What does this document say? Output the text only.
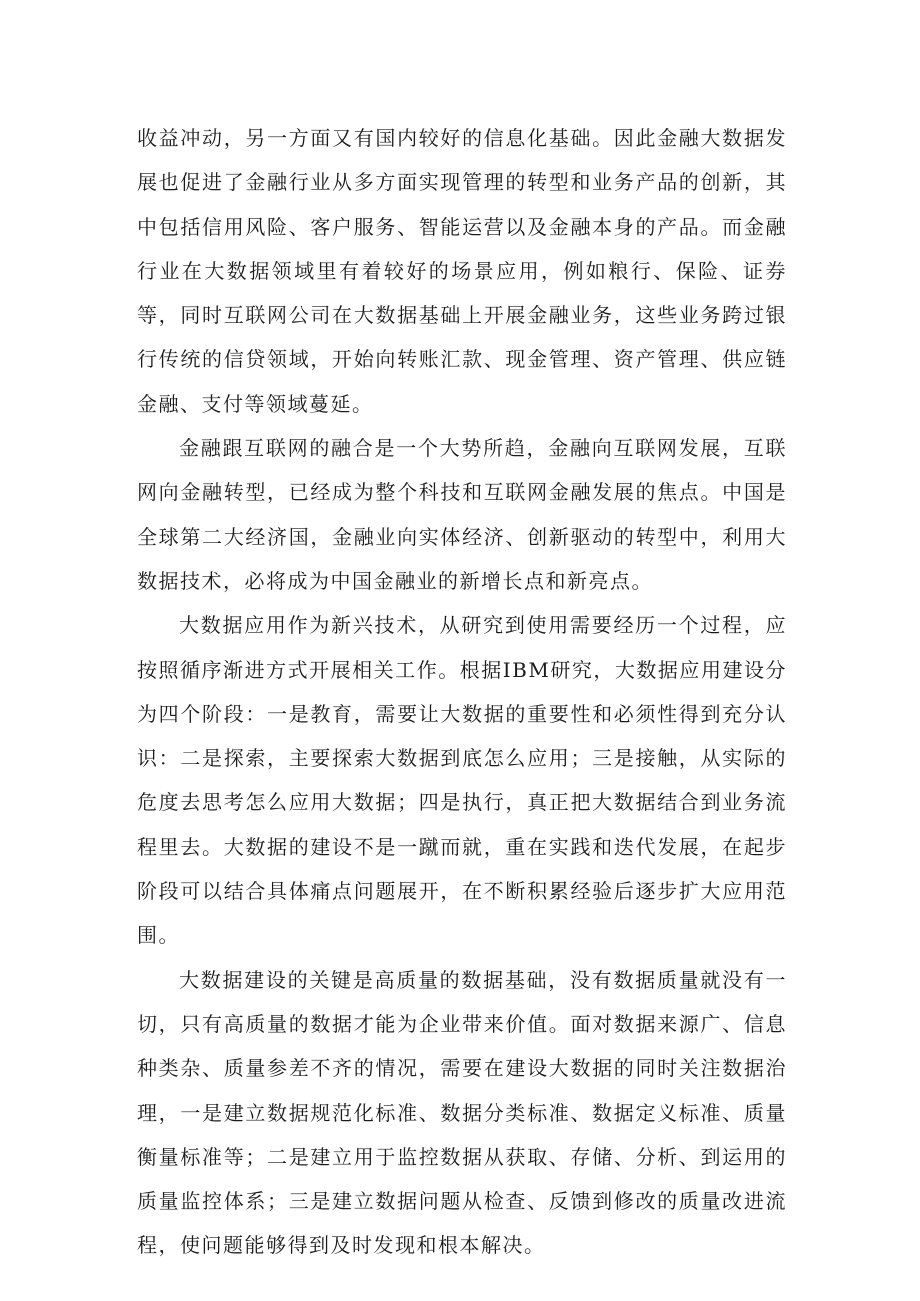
收益冲动，另一方面又有国内较好的信息化基础。因此金融大数据发展也促进了金融行业从多方面实现管理的转型和业务产品的创新，其中包括信用风险、客户服务、智能运营以及金融本身的产品。而金融行业在大数据领域里有着较好的场景应用，例如粮行、保险、证券等，同时互联网公司在大数据基础上开展金融业务，这些业务跨过银行传统的信贷领域，开始向转账汇款、现金管理、资产管理、供应链金融、支付等领域蔓延。

金融跟互联网的融合是一个大势所趋，金融向互联网发展，互联网向金融转型，已经成为整个科技和互联网金融发展的焦点。中国是全球第二大经济国，金融业向实体经济、创新驱动的转型中，利用大数据技术，必将成为中国金融业的新增长点和新亮点。

大数据应用作为新兴技术，从研究到使用需要经历一个过程，应按照循序渐进方式开展相关工作。根据IBM研究，大数据应用建设分为四个阶段：一是教育，需要让大数据的重要性和必须性得到充分认识：二是探索，主要探索大数据到底怎么应用；三是接触，从实际的危度去思考怎么应用大数据；四是执行，真正把大数据结合到业务流程里去。大数据的建设不是一蹴而就，重在实践和迭代发展，在起步阶段可以结合具体痛点问题展开，在不断积累经验后逐步扩大应用范围。

大数据建设的关键是高质量的数据基础，没有数据质量就没有一切，只有高质量的数据才能为企业带来价值。面对数据来源广、信息种类杂、质量参差不齐的情况，需要在建设大数据的同时关注数据治理，一是建立数据规范化标准、数据分类标准、数据定义标准、质量衡量标准等；二是建立用于监控数据从获取、存储、分析、到运用的质量监控体系；三是建立数据问题从检查、反馈到修改的质量改进流程，使问题能够得到及时发现和根本解决。
